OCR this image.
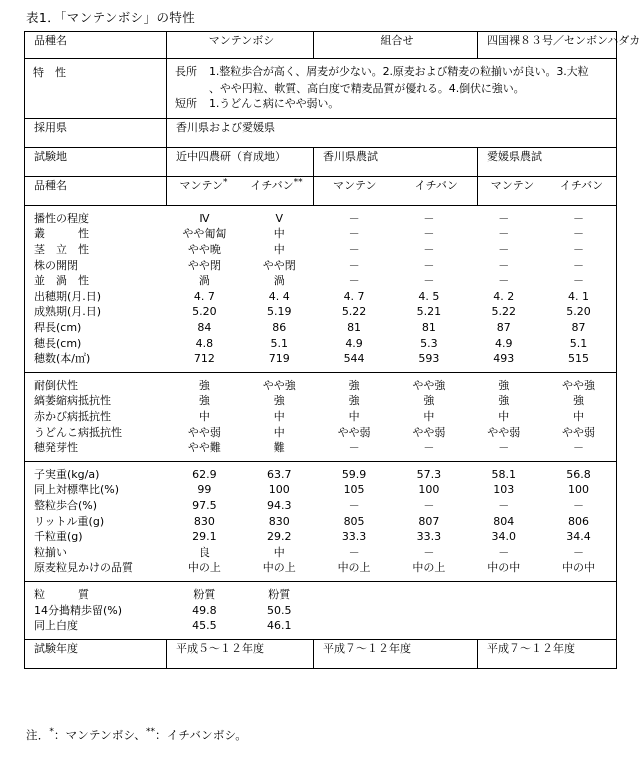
表1．「マンテンボシ」の特性
品種名	マンテンボシ	組合せ	四国裸８３号／センボンハダカ

特　性	長所 1.整粒歩合が高く、屑麦が少ない。2.原麦および精麦の粒揃いが良い。3.大粒
、やや円粒、軟質、高白度で精麦品質が優れる。4.倒伏に強い。
短所 1.うどんこ病にやや弱い。		

採用県	香川県および愛媛県		

試験地	近中四農研（育成地）	香川県農試	愛媛県農試

品種名	マンテン*	イチバン**	マンテン	イチバン	マンテン	イチバン

播性の程度	Ⅳ	Ⅴ	－	－	－	－
叢　　　性	やや匍匐	中	－	－	－	－
茎　立　性	やや晩	中	－	－	－	－
株の開閉	やや閉	やや閉	－	－	－	－
並　渦　性	渦	渦	－	－	－	－
出穂期(月.日)	4. 7	4. 4	4. 7	4. 5	4. 2	4. 1
成熟期(月.日)	5.20	5.19	5.22	5.21	5.22	5.20
稈長(cm)	84	86	81	81	87	87
穂長(cm)	4.8	5.1	4.9	5.3	4.9	5.1
穂数(本/㎡)	712	719	544	593	493	515

耐倒伏性	強	やや強	強	やや強	強	やや強
縞萎縮病抵抗性	強	強	強	強	強	強
赤かび病抵抗性	中	中	中	中	中	中
うどんこ病抵抗性	やや弱	中	やや弱	やや弱	やや弱	やや弱
穂発芽性	やや難	難	－	－	－	－

子実重(kg/a)	62.9	63.7	59.9	57.3	58.1	56.8
同上対標準比(%)	99	100	105	100	103	100
整粒歩合(%)	97.5	94.3	－	－	－	－
リットル重(g)	830	830	805	807	804	806
千粒重(g)	29.1	29.2	33.3	33.3	34.0	34.4
粒揃い	良	中	－	－	－	－
原麦粒見かけの品質	中の上	中の上	中の上	中の上	中の中	中の中

粒　　　質	粉質	粉質
14分搗精歩留(%)	49.8	50.5
同上白度	45.5	46.1

試験年度	平成５～１２年度	平成７～１２年度	平成７～１２年度
注．*：マンテンボシ、**：イチバンボシ。
